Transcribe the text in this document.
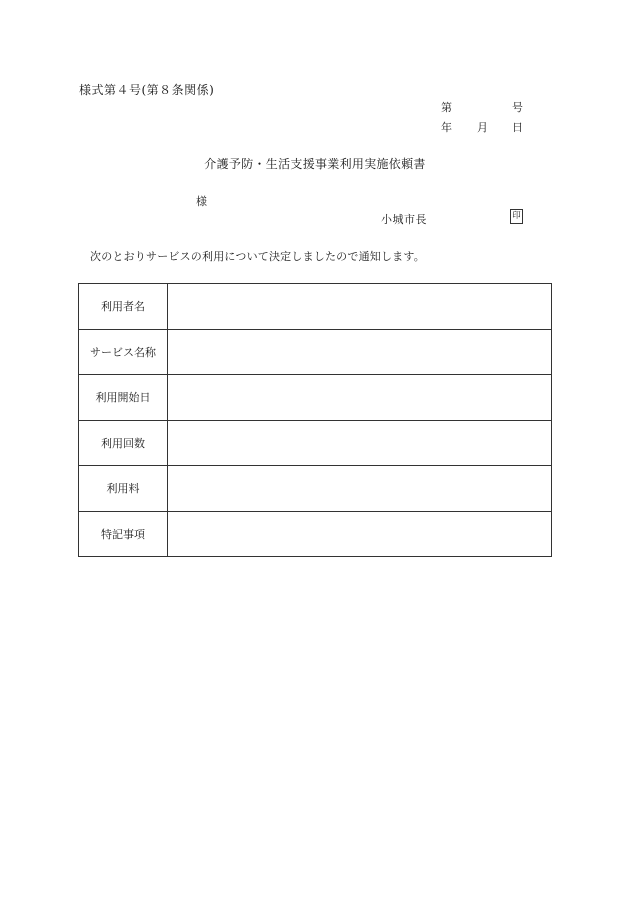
様式第４号(第８条関係)
第	号
年 月 日
介護予防・生活支援事業利用実施依頼書
様
小城市長	印
次のとおりサービスの利用について決定しましたので通知します。
利用者名	
サービス名称	
利用開始日	
利用回数	
利用料	
特記事項	
